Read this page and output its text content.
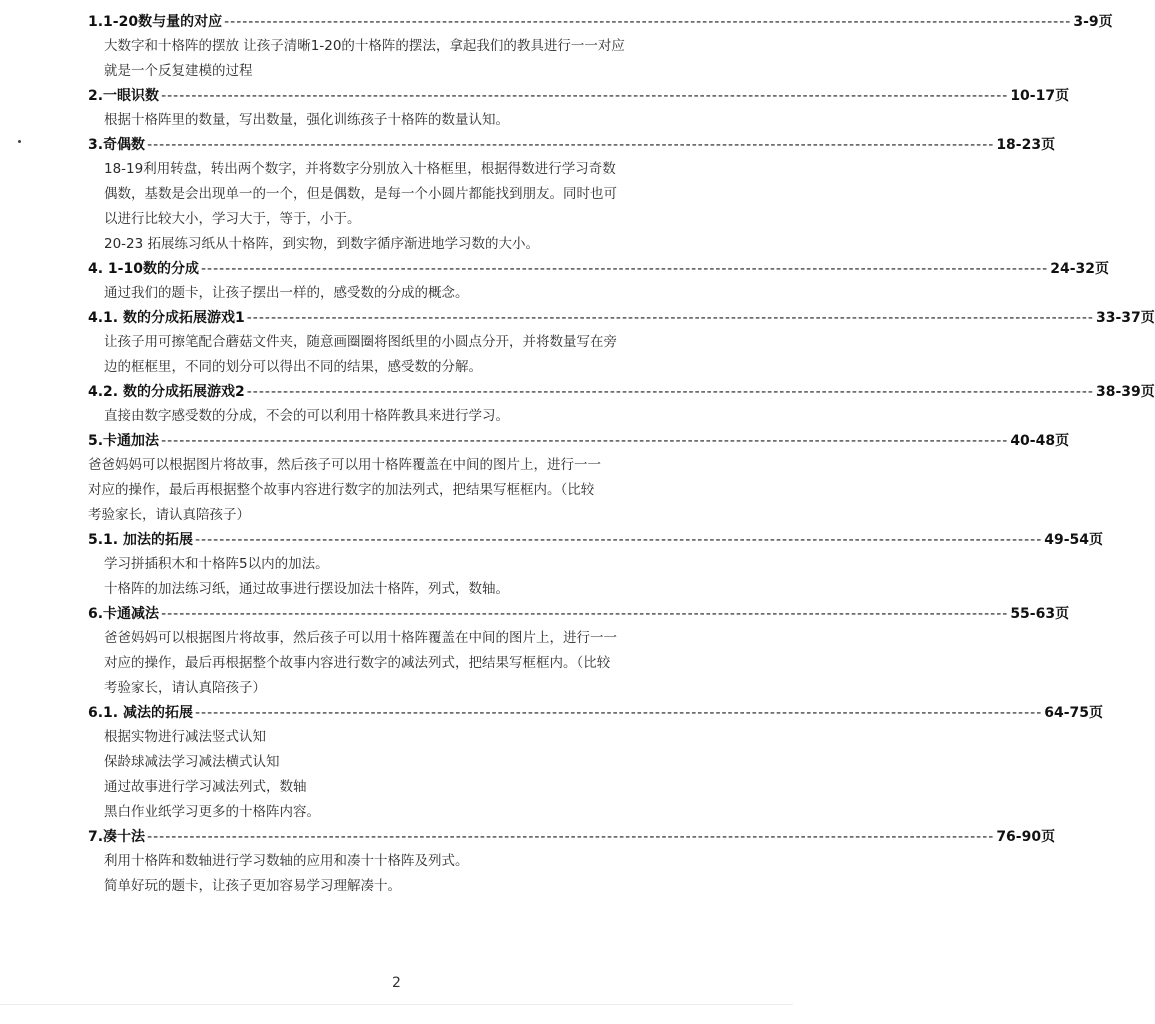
1.1-20数与量的对应 -------------------------------------------------------------------------------------------------------------------------------------------- 3-9页

大数字和十格阵的摆放 让孩子清晰1-20的十格阵的摆法，拿起我们的教具进行一一对应

就是一个反复建模的过程

2.一眼识数 -------------------------------------------------------------------------------------------------------------------------------------------- 10-17页

根据十格阵里的数量，写出数量，强化训练孩子十格阵的数量认知。

3.奇偶数 -------------------------------------------------------------------------------------------------------------------------------------------- 18-23页

18-19利用转盘，转出两个数字，并将数字分别放入十格框里，根据得数进行学习奇数

偶数，基数是会出现单一的一个，但是偶数，是每一个小圆片都能找到朋友。同时也可

以进行比较大小，学习大于，等于，小于。

20-23 拓展练习纸从十格阵，到实物，到数字循序渐进地学习数的大小。

4. 1-10数的分成 -------------------------------------------------------------------------------------------------------------------------------------------- 24-32页

通过我们的题卡，让孩子摆出一样的，感受数的分成的概念。

4.1. 数的分成拓展游戏1 -------------------------------------------------------------------------------------------------------------------------------------------- 33-37页

让孩子用可擦笔配合蘑菇文件夹，随意画圈圈将图纸里的小圆点分开，并将数量写在旁

边的框框里，不同的划分可以得出不同的结果，感受数的分解。

4.2. 数的分成拓展游戏2 -------------------------------------------------------------------------------------------------------------------------------------------- 38-39页

直接由数字感受数的分成，不会的可以利用十格阵教具来进行学习。

5.卡通加法 -------------------------------------------------------------------------------------------------------------------------------------------- 40-48页

爸爸妈妈可以根据图片将故事，然后孩子可以用十格阵覆盖在中间的图片上，进行一一

对应的操作，最后再根据整个故事内容进行数字的加法列式，把结果写框框内。（比较

考验家长，请认真陪孩子）

5.1. 加法的拓展 -------------------------------------------------------------------------------------------------------------------------------------------- 49-54页

学习拼插积木和十格阵5以内的加法。

十格阵的加法练习纸，通过故事进行摆设加法十格阵，列式，数轴。

6.卡通减法 -------------------------------------------------------------------------------------------------------------------------------------------- 55-63页

爸爸妈妈可以根据图片将故事，然后孩子可以用十格阵覆盖在中间的图片上，进行一一

对应的操作，最后再根据整个故事内容进行数字的减法列式，把结果写框框内。（比较

考验家长，请认真陪孩子）

6.1. 减法的拓展 -------------------------------------------------------------------------------------------------------------------------------------------- 64-75页

根据实物进行减法竖式认知

保龄球减法学习减法横式认知

通过故事进行学习减法列式，数轴

黑白作业纸学习更多的十格阵内容。

7.凑十法 -------------------------------------------------------------------------------------------------------------------------------------------- 76-90页

利用十格阵和数轴进行学习数轴的应用和凑十十格阵及列式。

简单好玩的题卡，让孩子更加容易学习理解凑十。

2
